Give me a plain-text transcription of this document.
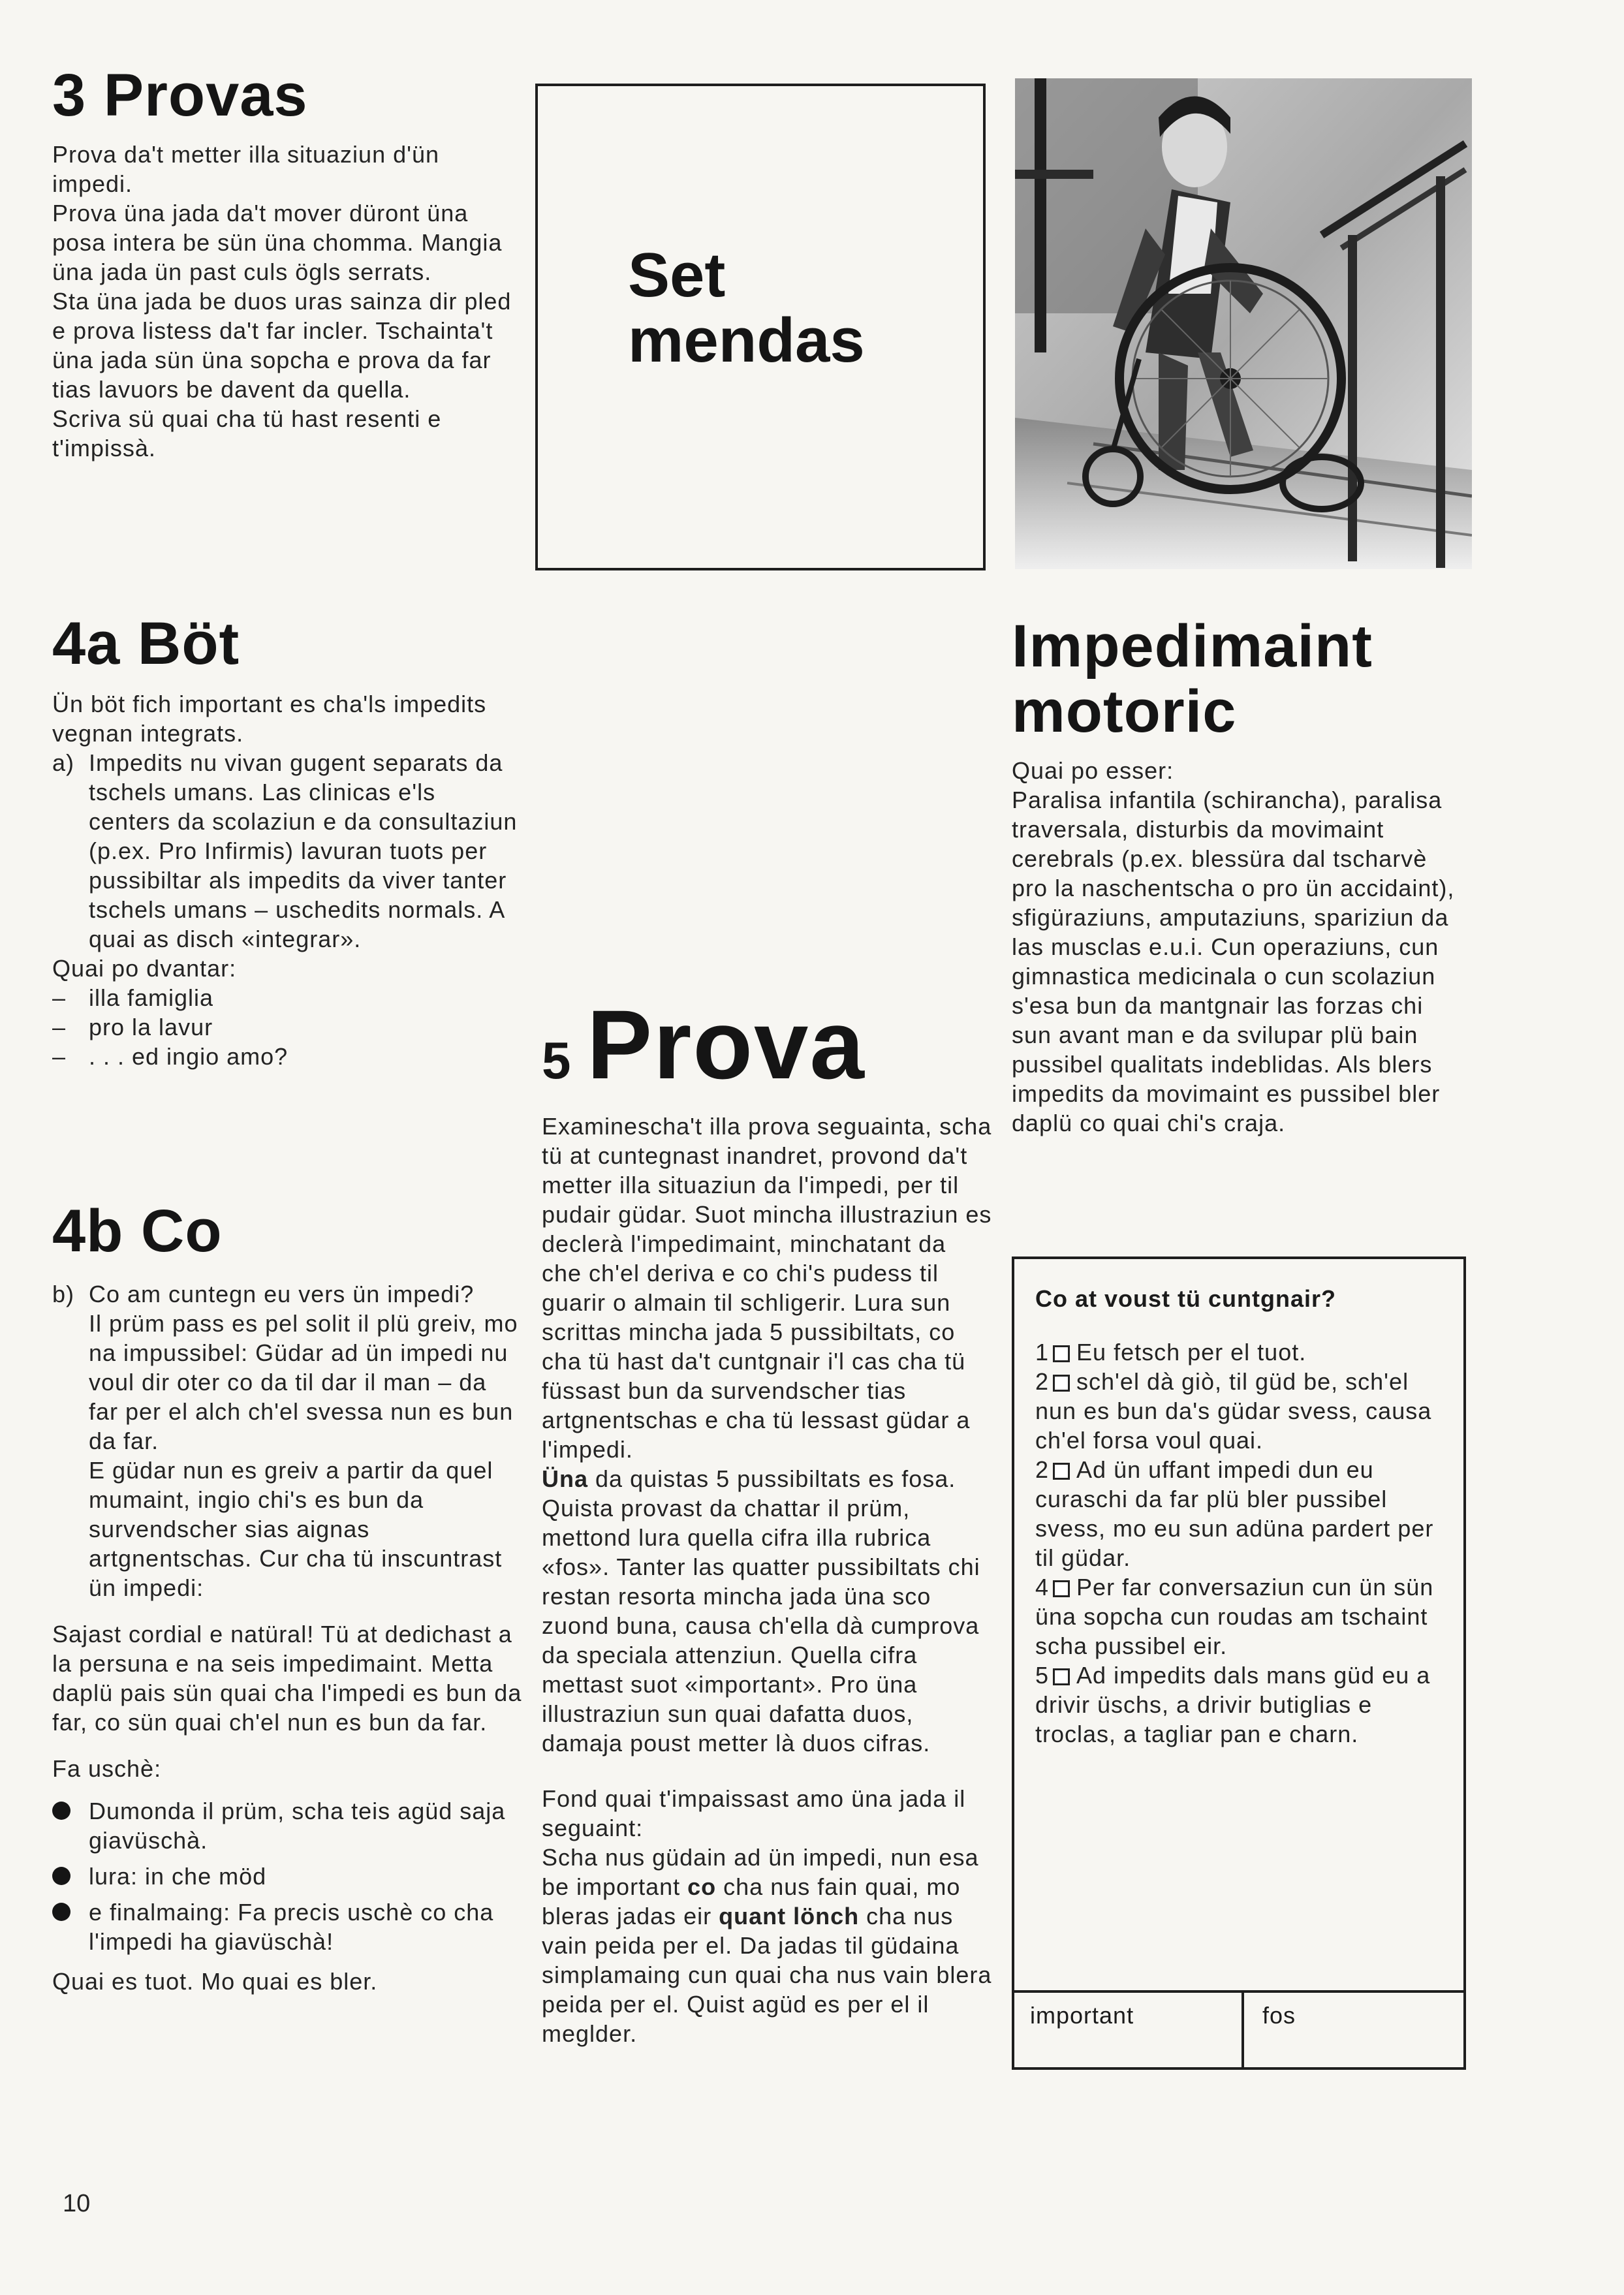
3 Provas

Prova da't metter illa situaziun d'ün impedi.

Prova üna jada da't mover düront üna posa intera be sün üna chomma. Mangia üna jada ün past culs ögls serrats.

Sta üna jada be duos uras sainza dir pled e prova listess da't far incler. Tschainta't üna jada sün üna sopcha e prova da far tias lavuors be davent da quella.

Scriva sü quai cha tü hast resenti e t'impissà.

Set
mendas
4a Böt

Ün böt fich important es cha'ls impedits vegnan integrats.

a) Impedits nu vivan gugent separats da tschels umans. Las clinicas e'ls centers da scolaziun e da consultaziun (p.ex. Pro Infirmis) lavuran tuots per pussibiltar als impedits da viver tanter tschels umans – uschedits normals. A quai as disch «integrar».

Quai po dvantar:

– illa famiglia
– pro la lavur
– . . . ed ingio amo?
4b Co
b) Co am cuntegn eu vers ün impedi?

Il prüm pass es pel solit il plü greiv, mo na impussibel: Güdar ad ün impedi nu voul dir oter co da til dar il man – da far per el alch ch'el svessa nun es bun da far.

E güdar nun es greiv a partir da quel mumaint, ingio chi's es bun da survendscher sias aignas artgnentschas. Cur cha tü inscuntrast ün impedi:

Sajast cordial e natüral! Tü at dedichast a la persuna e na seis impedimaint. Metta daplü pais sün quai cha l'impedi es bun da far, co sün quai ch'el nun es bun da far.

Fa uschè:

Dumonda il prüm, scha teis agüd saja giavüschà.
lura: in che möd
e finalmaing: Fa precis uschè co cha l'impedi ha giavüschà!

Quai es tuot. Mo quai es bler.

5 Prova

Examinescha't illa prova seguainta, scha tü at cuntegnast inandret, provond da't metter illa situaziun da l'impedi, per til pudair güdar. Suot mincha illustraziun es declerà l'impedimaint, minchatant da che ch'el deriva e co chi's pudess til guarir o almain til schligerir. Lura sun scrittas mincha jada 5 pussibiltats, co cha tü hast da't cuntgnair i'l cas cha tü füssast bun da survendscher tias artgnentschas e cha tü lessast güdar a l'impedi.

Üna da quistas 5 pussibiltats es fosa. Quista provast da chattar il prüm, mettond lura quella cifra illa rubrica «fos». Tanter las quatter pussibiltats chi restan resorta mincha jada üna sco zuond buna, causa ch'ella dà cumprova da speciala attenziun. Quella cifra mettast suot «important». Pro üna illustraziun sun quai dafatta duos, damaja poust metter là duos cifras.

Fond quai t'impaissast amo üna jada il seguaint:

Scha nus güdain ad ün impedi, nun esa be important co cha nus fain quai, mo bleras jadas eir quant lönch cha nus vain peida per el. Da jadas til güdaina simplamaing cun quai cha nus vain blera peida per el. Quist agüd es per el il meglder.

Impedimaint
motoric

Quai po esser:

Paralisa infantila (schirancha), paralisa traversala, disturbis da movimaint cerebrals (p.ex. blessüra dal tscharvè pro la naschentscha o pro ün accidaint), sfigüraziuns, amputaziuns, spariziun da las musclas e.u.i. Cun operaziuns, cun gimnastica medicinala o cun scolaziun s'esa bun da mantgnair las forzas chi sun avant man e da svilupar plü bain pussibel qualitats indeblidas. Als blers impedits da movimaint es pussibel bler daplü co quai chi's craja.

Co at voust tü cuntgnair?

1 Eu fetsch per el tuot.

2 sch'el dà giò, til güd be, sch'el nun es bun da's güdar svess, causa ch'el forsa voul quai.

2 Ad ün uffant impedi dun eu curaschi da far plü bler pussibel svess, mo eu sun adüna pardert per til güdar.

4 Per far conversaziun cun ün sün üna sopcha cun roudas am tschaint scha pussibel eir.

5 Ad impedits dals mans güd eu a drivir üschs, a drivir butiglias e troclas, a tagliar pan e charn.

important	fos
10
